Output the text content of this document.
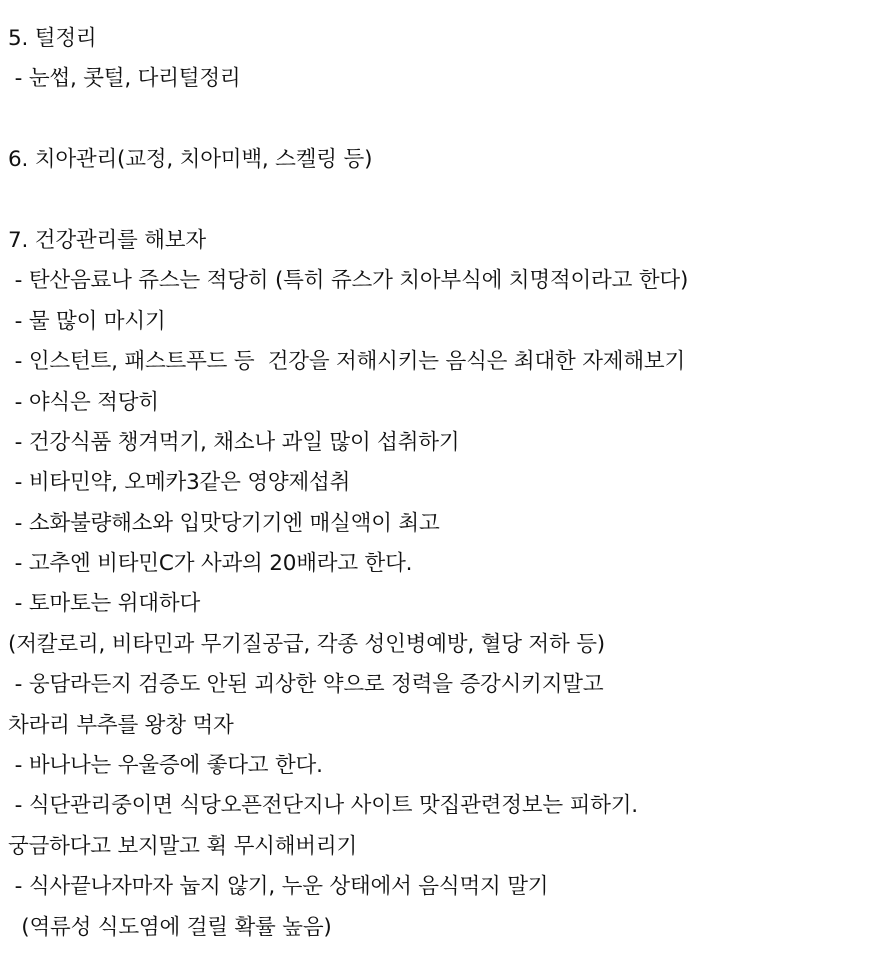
5. 털정리
- 눈썹, 콧털, 다리털정리
6. 치아관리(교정, 치아미백, 스켈링 등)
7. 건강관리를 해보자
- 탄산음료나 쥬스는 적당히 (특히 쥬스가 치아부식에 치명적이라고 한다)
- 물 많이 마시기
- 인스턴트, 패스트푸드 등  건강을 저해시키는 음식은 최대한 자제해보기
- 야식은 적당히
- 건강식품 챙겨먹기, 채소나 과일 많이 섭취하기
- 비타민약, 오메카3같은 영양제섭취
- 소화불량해소와 입맛당기기엔 매실액이 최고
- 고추엔 비타민C가 사과의 20배라고 한다.
- 토마토는 위대하다
(저칼로리, 비타민과 무기질공급, 각종 성인병예방, 혈당 저하 등)
- 웅담라든지 검증도 안된 괴상한 약으로 정력을 증강시키지말고
차라리 부추를 왕창 먹자
- 바나나는 우울증에 좋다고 한다.
- 식단관리중이면 식당오픈전단지나 사이트 맛집관련정보는 피하기.
궁금하다고 보지말고 휙 무시해버리기
- 식사끝나자마자 눕지 않기, 누운 상태에서 음식먹지 말기
(역류성 식도염에 걸릴 확률 높음)
